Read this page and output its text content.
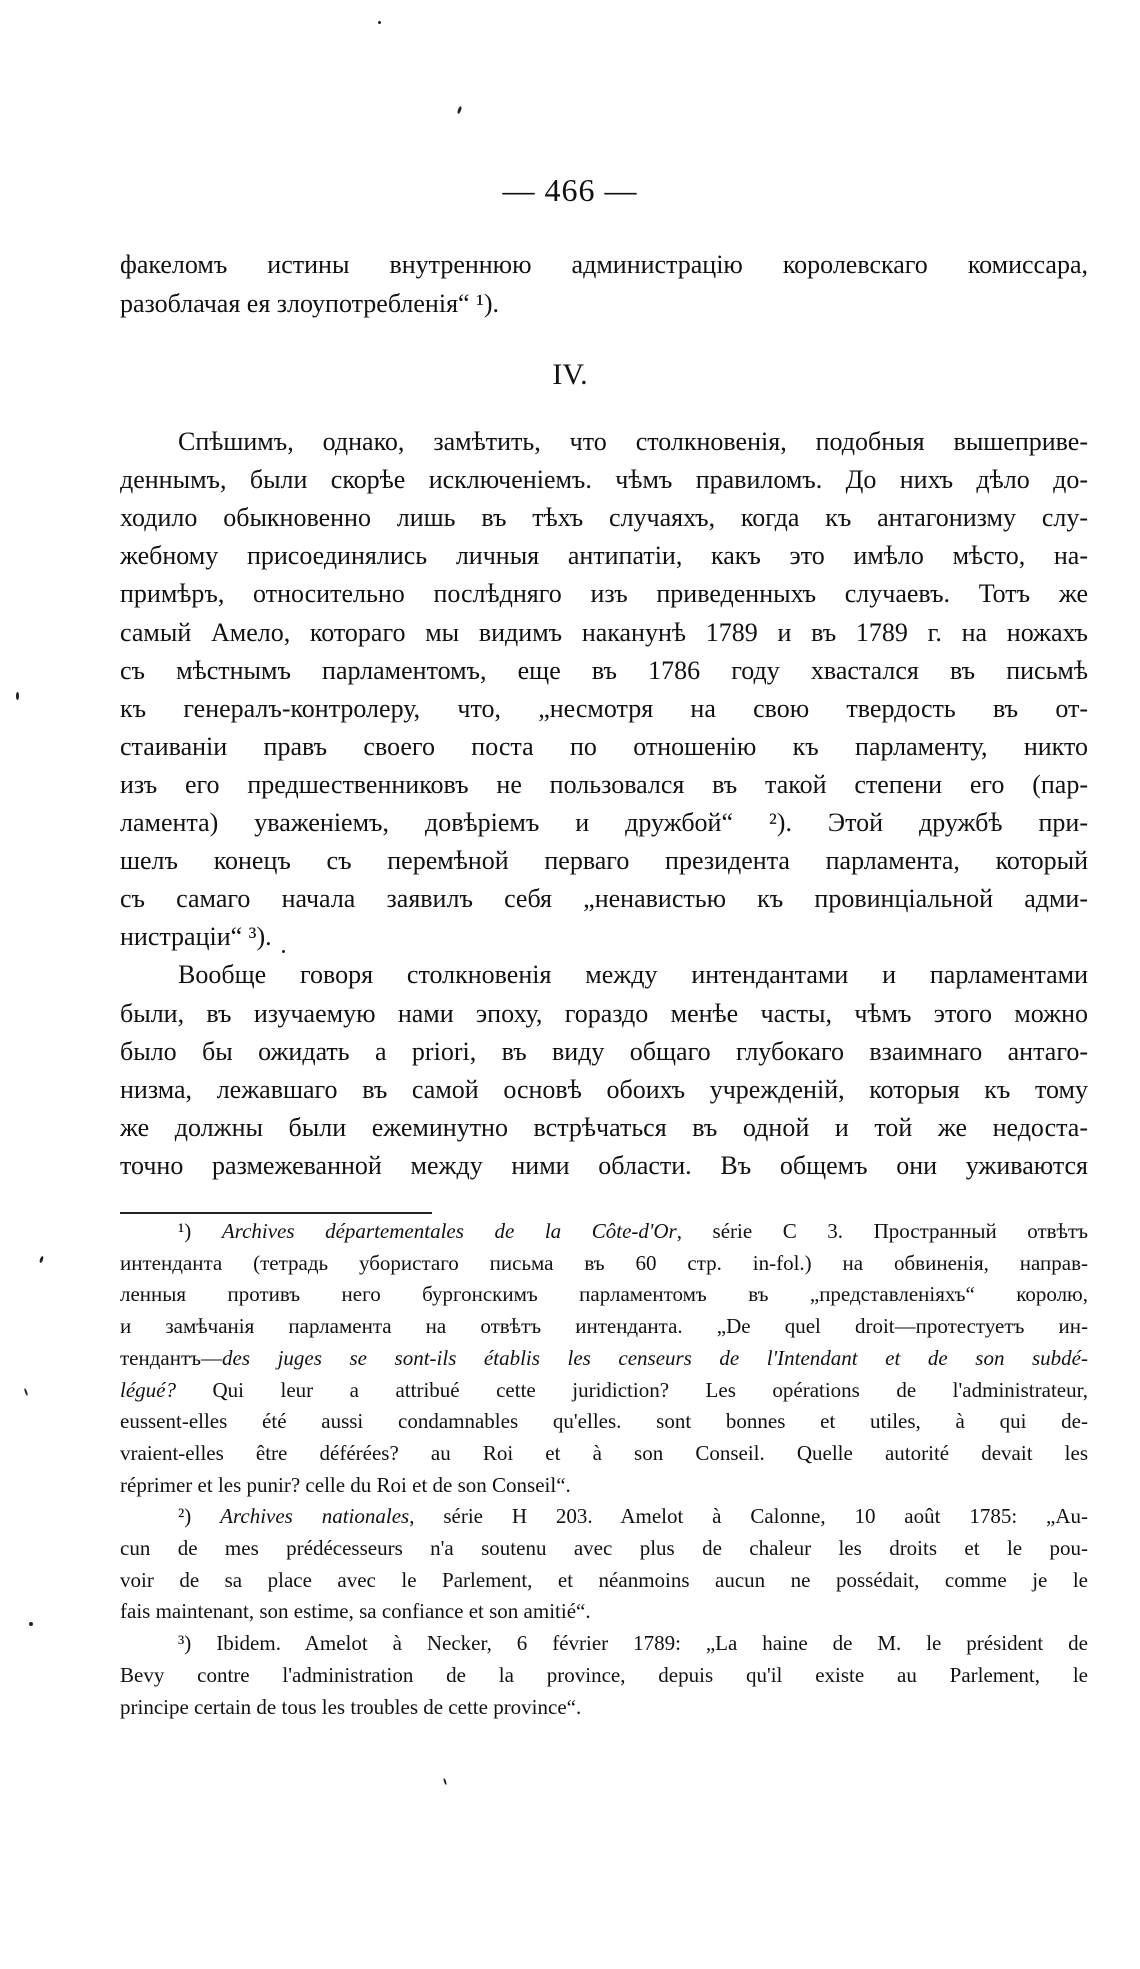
— 466 —
IV.
факеломъ истины внутреннюю администрацію королевскаго комиссара,
разоблачая ея злоупотребленія“ ¹).
Спѣшимъ, однако, замѣтить, что столкновенія, подобныя вышеприве-
деннымъ, были скорѣе исключеніемъ. чѣмъ правиломъ. До нихъ дѣло до-
ходило обыкновенно лишь въ тѣхъ случаяхъ, когда къ антагонизму слу-
жебному присоединялись личныя антипатіи, какъ это имѣло мѣсто, на-
примѣръ, относительно послѣдняго изъ приведенныхъ случаевъ. Тотъ же
самый Амело, котораго мы видимъ наканунѣ 1789 и въ 1789 г. на ножахъ
съ мѣстнымъ парламентомъ, еще въ 1786 году хвастался въ письмѣ
къ генералъ-контролеру, что, „несмотря на свою твердость въ от-
стаиваніи правъ своего поста по отношенію къ парламенту, никто
изъ его предшественниковъ не пользовался въ такой степени его (пар-
ламента) уваженіемъ, довѣріемъ и дружбой“ ²). Этой дружбѣ при-
шелъ конецъ съ перемѣной перваго президента парламента, который
съ самаго начала заявилъ себя „ненавистью къ провинціальной адми-
нистраціи“ ³).
Вообще говоря столкновенія между интендантами и парламентами
были, въ изучаемую нами эпоху, гораздо менѣе часты, чѣмъ этого можно
было бы ожидать a priori, въ виду общаго глубокаго взаимнаго антаго-
низма, лежавшаго въ самой основѣ обоихъ учрежденій, которыя къ тому
же должны были ежеминутно встрѣчаться въ одной и той же недоста-
точно размежеванной между ними области. Въ общемъ они уживаются
¹) Archives départementales de la Côte-d'Or, série C 3. Пространный отвѣтъ
интенданта (тетрадь убористаго письма въ 60 стр. in-fol.) на обвиненія, направ-
ленныя противъ него бургонскимъ парламентомъ въ „представленіяхъ“ королю,
и замѣчанія парламента на отвѣтъ интенданта. „De quel droit—протестуетъ ин-
тендантъ—des juges se sont-ils établis les censeurs de l'Intendant et de son subdé-
légué? Qui leur a attribué cette juridiction? Les opérations de l'administrateur,
eussent-elles été aussi condamnables qu'elles. sont bonnes et utiles, à qui de-
vraient-elles être déférées? au Roi et à son Conseil. Quelle autorité devait les
réprimer et les punir? celle du Roi et de son Conseil“.
²) Archives nationales, série H 203. Amelot à Calonne, 10 août 1785: „Au-
cun de mes prédécesseurs n'a soutenu avec plus de chaleur les droits et le pou-
voir de sa place avec le Parlement, et néanmoins aucun ne possédait, comme je le
fais maintenant, son estime, sa confiance et son amitié“.
³) Ibidem. Amelot à Necker, 6 février 1789: „La haine de M. le président de
Bevy contre l'administration de la province, depuis qu'il existe au Parlement, le
principe certain de tous les troubles de cette province“.
